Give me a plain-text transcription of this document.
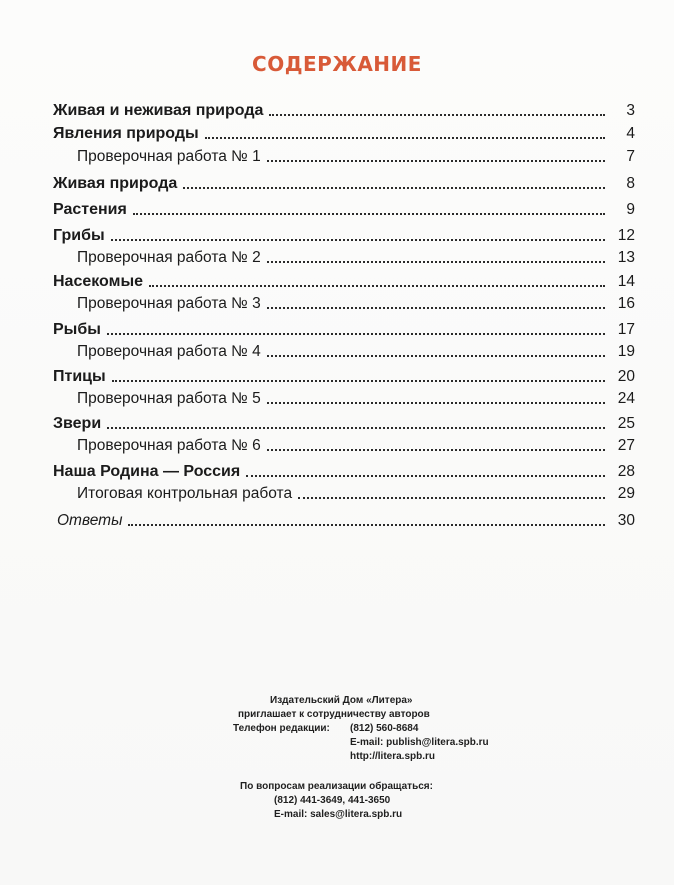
СОДЕРЖАНИЕ
Живая и неживая природа	3
Явления природы	4
Проверочная работа № 1	7
Живая природа	8
Растения	9
Грибы	12
Проверочная работа № 2	13
Насекомые	14
Проверочная работа № 3	16
Рыбы	17
Проверочная работа № 4	19
Птицы	20
Проверочная работа № 5	24
Звери	25
Проверочная работа № 6	27
Наша Родина — Россия	28
Итоговая контрольная работа	29
Ответы	30
Издательский Дом «Литера»
приглашает к сотрудничеству авторов
Телефон редакции: (812) 560-8684
E-mail: publish@litera.spb.ru
http://litera.spb.ru
По вопросам реализации обращаться:
(812) 441-3649, 441-3650
E-mail: sales@litera.spb.ru
